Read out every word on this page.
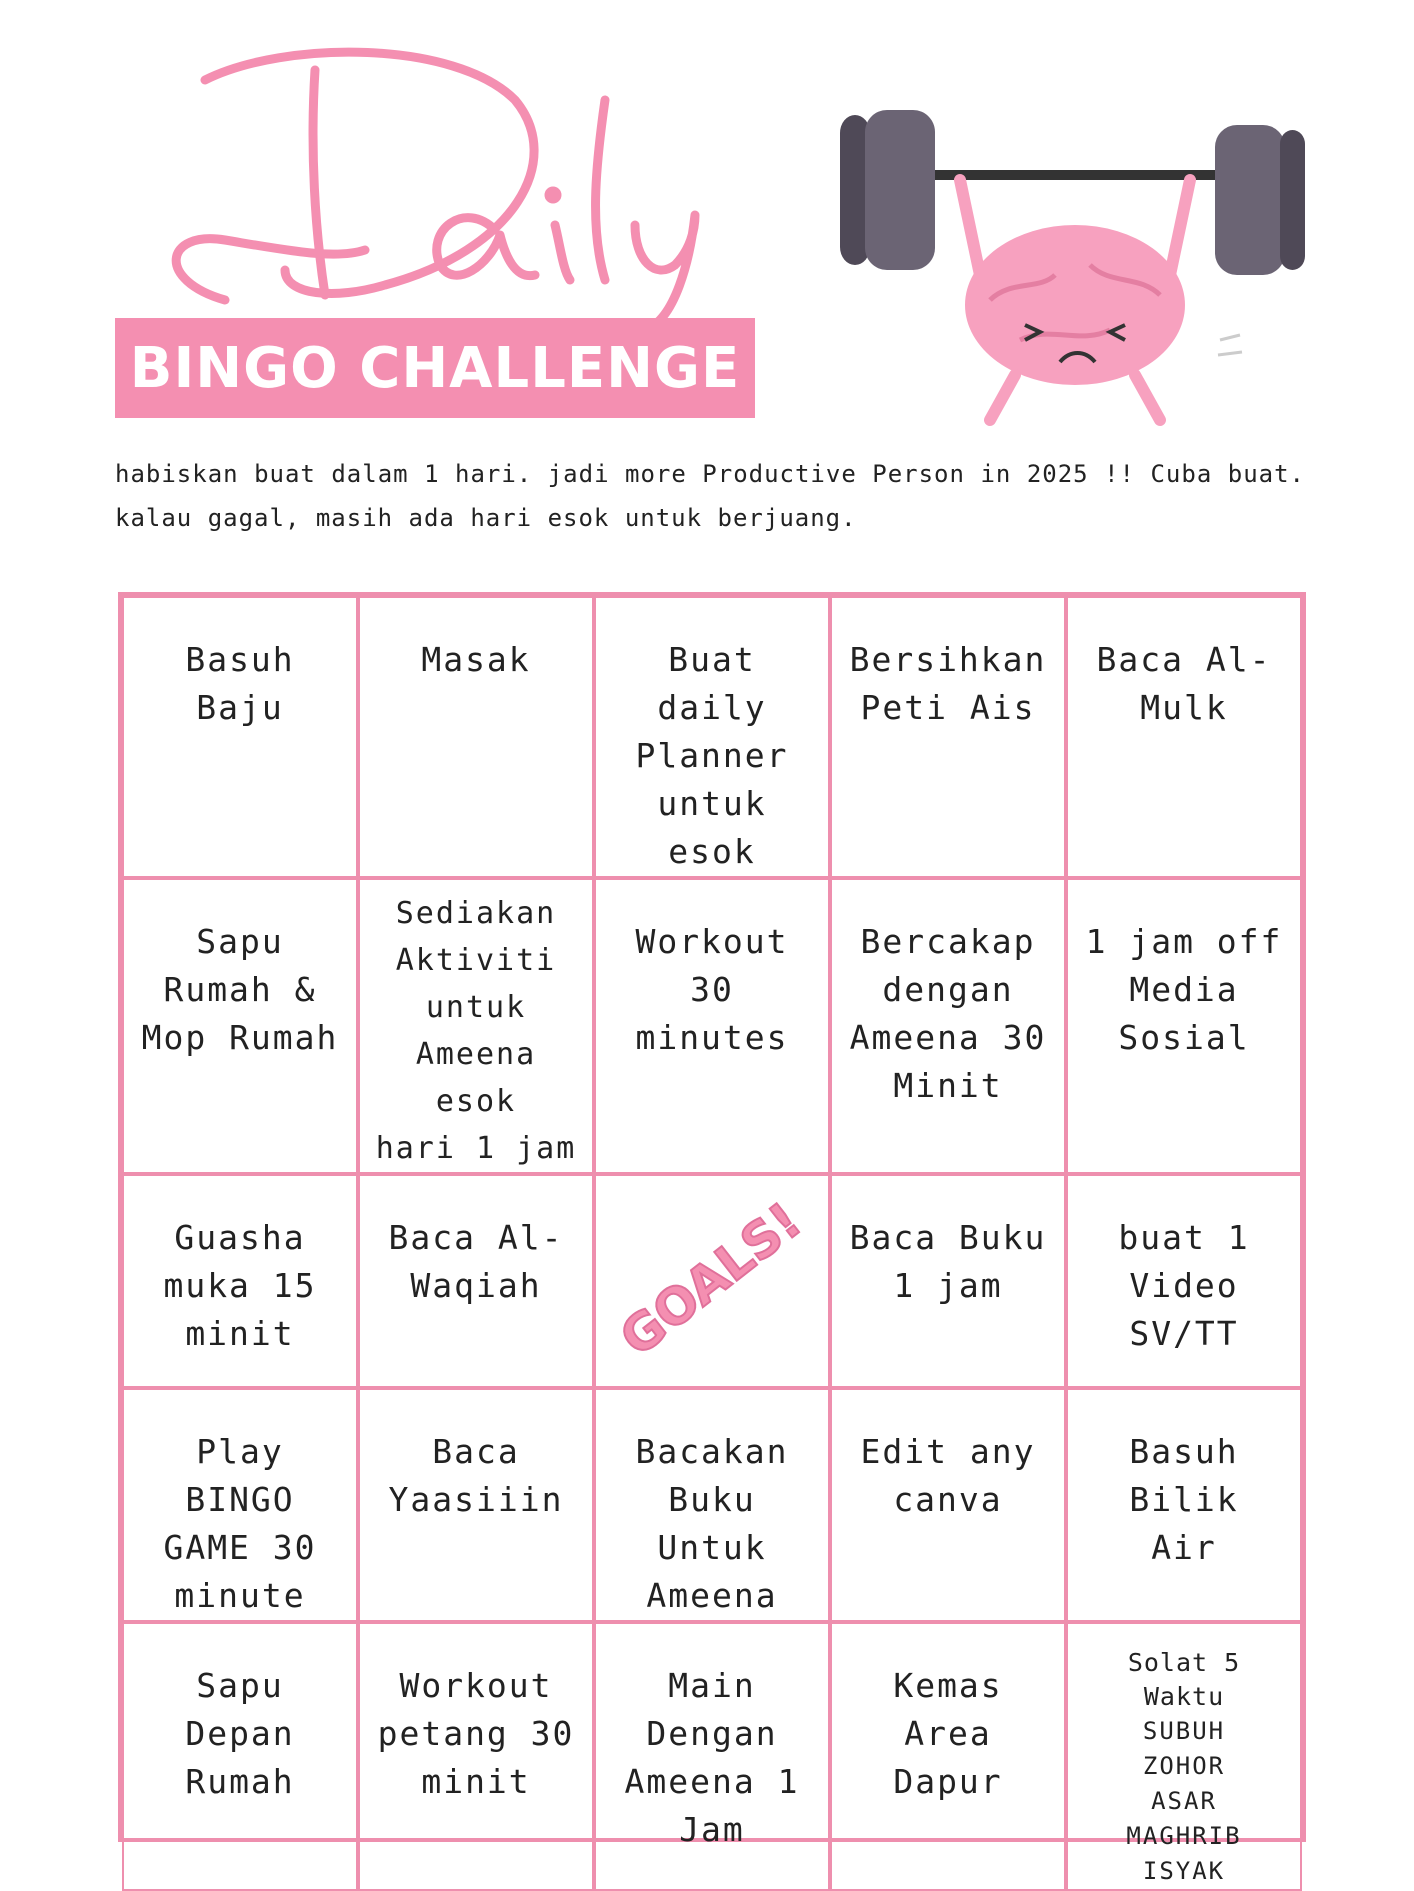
BINGO CHALLENGE
habiskan buat dalam 1 hari. jadi more Productive Person in 2025 !! Cuba buat. kalau gagal, masih ada hari esok untuk berjuang.
Basuh Baju
Masak	Buat daily
Planner
untuk esok
Bersihkan
Peti Ais
Baca Al-
Mulk
Sapu
Rumah &
Mop Rumah
Sediakan
Aktiviti
untuk
Ameena esok
hari 1 jam
Workout 30
minutes
Bercakap
dengan
Ameena 30
Minit
1 jam off
Media
Sosial
Guasha
muka 15
minit
Baca Al-
Waqiah	GOALS! Baca Buku
1 jam
buat 1
Video
SV/TT
Play BINGO
GAME 30
minute
Baca
Yaasiiin
Bacakan
Buku Untuk
Ameena
Edit any
canva
Basuh Bilik
Air
Sapu Depan
Rumah
Workout
petang 30
minit
Main
Dengan
Ameena 1
Jam
Kemas Area
Dapur
Solat 5 Waktu
SUBUH
ZOHOR
ASAR
MAGHRIB
ISYAK
